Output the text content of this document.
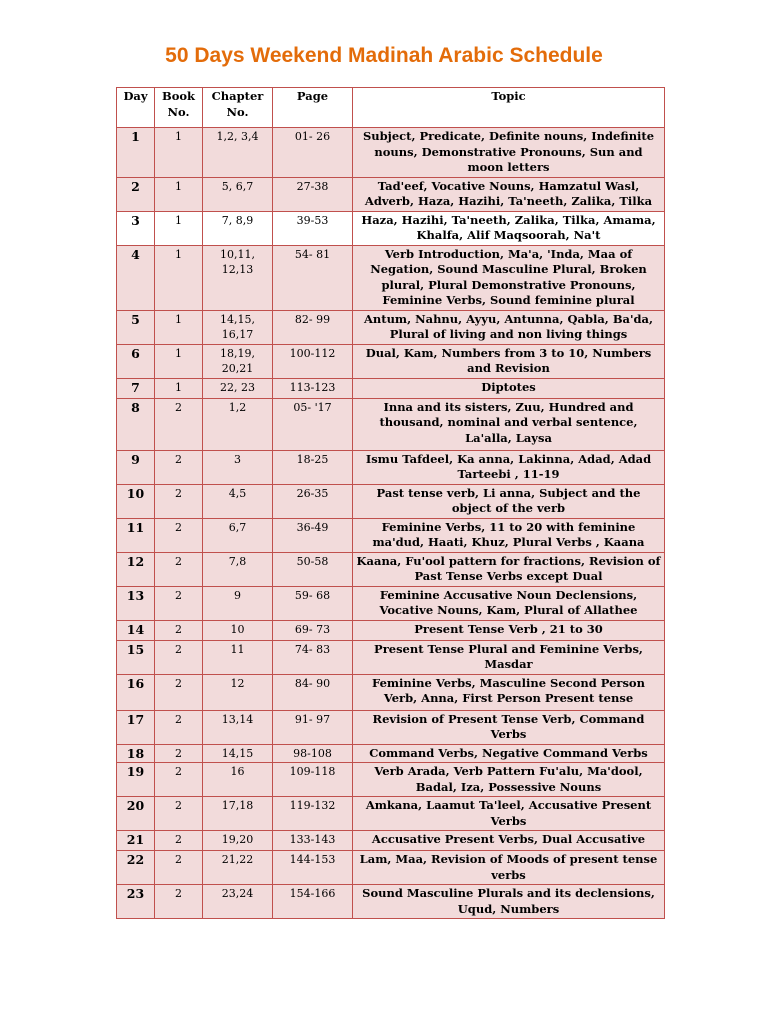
50 Days Weekend Madinah Arabic Schedule
Day	Book No.	Chapter No.	Page	Topic
1	1	1,2, 3,4	01- 26	Subject, Predicate, Definite nouns, Indefinite nouns, Demonstrative Pronouns, Sun and moon letters
2	1	5, 6,7	27-38	Tad'eef, Vocative Nouns, Hamzatul Wasl, Adverb, Haza, Hazihi, Ta'neeth, Zalika, Tilka
3	1	7, 8,9	39-53	Haza, Hazihi, Ta'neeth, Zalika, Tilka, Amama, Khalfa, Alif Maqsoorah, Na't
4	1	10,11, 12,13	54- 81	Verb Introduction, Ma'a, 'Inda, Maa of Negation, Sound Masculine Plural, Broken plural, Plural Demonstrative Pronouns, Feminine Verbs, Sound feminine plural
5	1	14,15, 16,17	82- 99	Antum, Nahnu, Ayyu, Antunna, Qabla, Ba'da, Plural of living and non living things
6	1	18,19, 20,21	100-112	Dual, Kam, Numbers from 3 to 10, Numbers and Revision
7	1	22, 23	113-123	Diptotes
8	2	1,2	05- '17	Inna and its sisters, Zuu, Hundred and thousand, nominal and verbal sentence, La'alla, Laysa
9	2	3	18-25	Ismu Tafdeel, Ka anna, Lakinna, Adad, Adad Tarteebi , 11-19
10	2	4,5	26-35	Past tense verb, Li anna, Subject and the object of the verb
11	2	6,7	36-49	Feminine Verbs, 11 to 20 with feminine ma'dud, Haati, Khuz, Plural Verbs , Kaana
12	2	7,8	50-58	Kaana, Fu'ool pattern for fractions, Revision of Past Tense Verbs except Dual
13	2	9	59- 68	Feminine Accusative Noun Declensions, Vocative Nouns, Kam, Plural of Allathee
14	2	10	69- 73	Present Tense Verb , 21 to 30
15	2	11	74- 83	Present Tense Plural and Feminine Verbs, Masdar
16	2	12	84- 90	Feminine Verbs, Masculine Second Person Verb, Anna, First Person Present tense
17	2	13,14	91- 97	Revision of Present Tense Verb, Command Verbs
18	2	14,15	98-108	Command Verbs, Negative Command Verbs
19	2	16	109-118	Verb Arada, Verb Pattern Fu'alu, Ma'dool, Badal, Iza, Possessive Nouns
20	2	17,18	119-132	Amkana, Laamut Ta'leel, Accusative Present Verbs
21	2	19,20	133-143	Accusative Present Verbs, Dual Accusative
22	2	21,22	144-153	Lam, Maa, Revision of Moods of present tense verbs
23	2	23,24	154-166	Sound Masculine Plurals and its declensions, Uqud, Numbers
